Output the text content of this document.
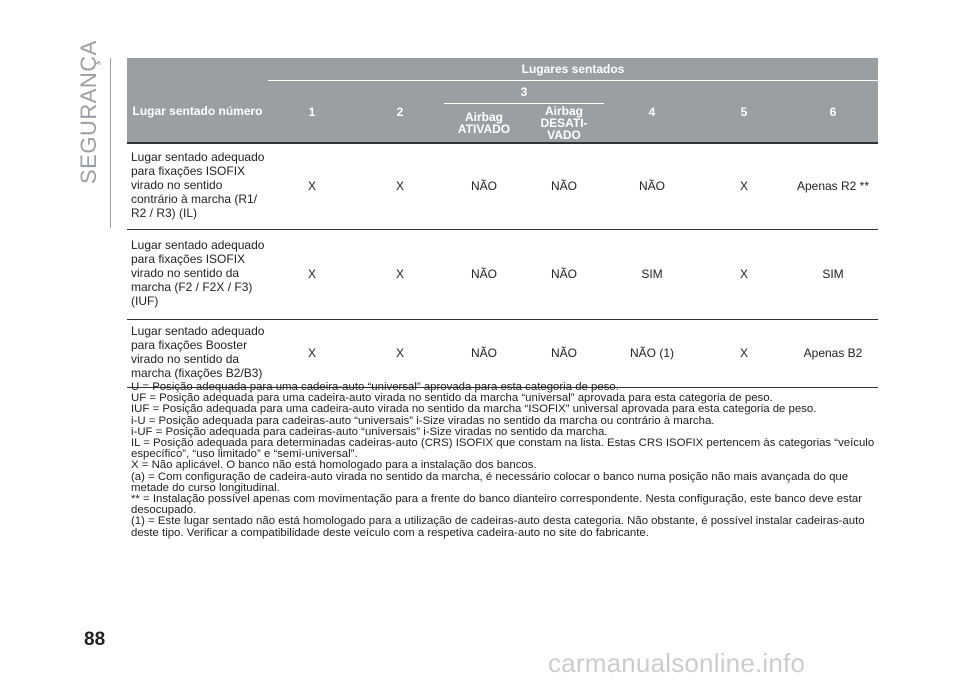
SEGURANÇA
		Lugares sentados						
Lugar sentado número	1	2	3		4	5	6
			Airbag ATIVADO	Airbag DESATI- VADO			
Lugar sentado adequado para fixações ISOFIX virado no sentido contrário à marcha (R1/ R2 / R3) (IL)	X	X	NÃO	NÃO	NÃO	X	Apenas R2 **
Lugar sentado adequado para fixações ISOFIX virado no sentido da marcha (F2 / F2X / F3) (IUF)	X	X	NÃO	NÃO	SIM	X	SIM
Lugar sentado adequado para fixações Booster virado no sentido da marcha (fixações B2/B3)	X	X	NÃO	NÃO	NÃO (1)	X	Apenas B2

U = Posição adequada para uma cadeira-auto “universal” aprovada para esta categoria de peso.

UF = Posição adequada para uma cadeira-auto virada no sentido da marcha “universal” aprovada para esta categoria de peso.

IUF = Posição adequada para uma cadeira-auto virada no sentido da marcha “ISOFIX” universal aprovada para esta categoria de peso.

i-U = Posição adequada para cadeiras-auto “universais” i-Size viradas no sentido da marcha ou contrário à marcha.

i-UF = Posição adequada para cadeiras-auto “universais” i-Size viradas no sentido da marcha.

IL = Posição adequada para determinadas cadeiras-auto (CRS) ISOFIX que constam na lista. Estas CRS ISOFIX pertencem às categorias “veículo específico”, “uso limitado” e “semi-universal”.

X = Não aplicável. O banco não está homologado para a instalação dos bancos.

(a) = Com configuração de cadeira-auto virada no sentido da marcha, é necessário colocar o banco numa posição não mais avançada do que metade do curso longitudinal.

** = Instalação possível apenas com movimentação para a frente do banco dianteiro correspondente. Nesta configuração, este banco deve estar desocupado.

(1) = Este lugar sentado não está homologado para a utilização de cadeiras-auto desta categoria. Não obstante, é possível instalar cadeiras-auto deste tipo. Verificar a compatibilidade deste veículo com a respetiva cadeira-auto no site do fabricante.

88
carmanualsonline.info
